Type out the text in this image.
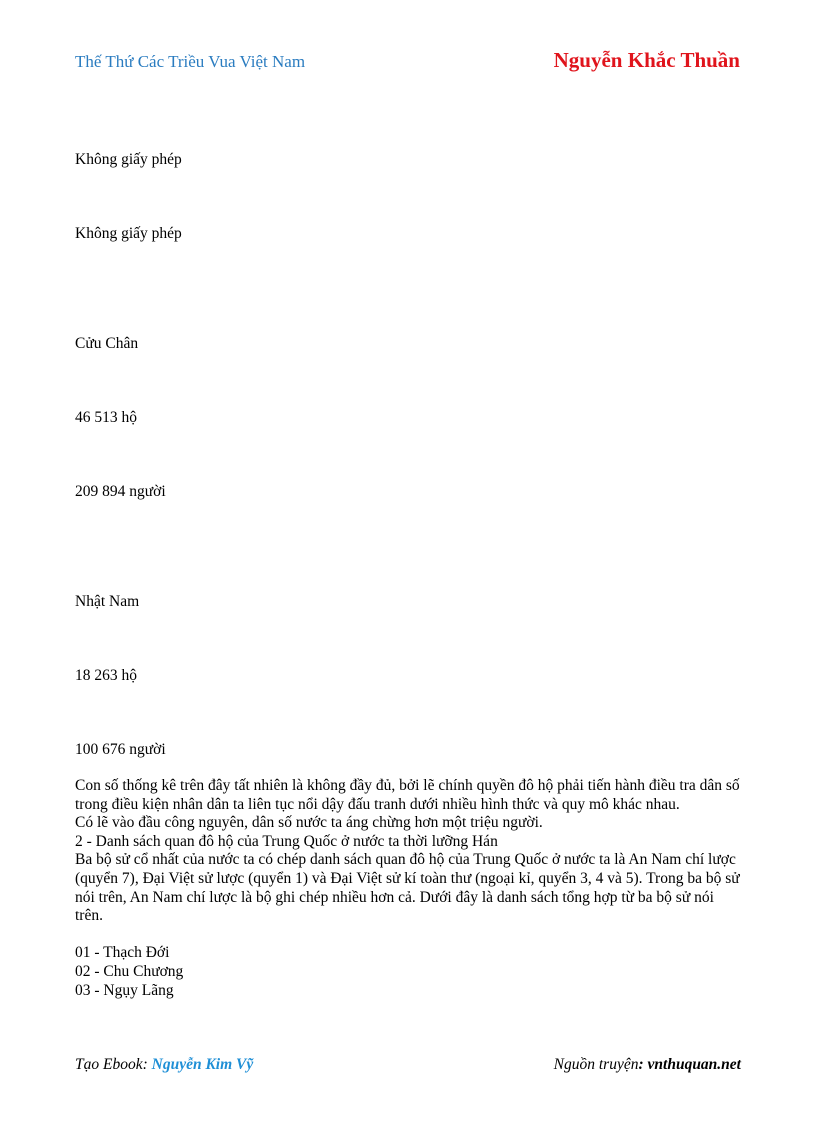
Thế Thứ Các Triều Vua Việt Nam	Nguyễn Khắc Thuần
Không giấy phép
Không giấy phép
Cửu Chân
46 513 hộ
209 894 người
Nhật Nam
18 263 hộ
100 676 người

Con số thống kê trên đây tất nhiên là không đầy đủ, bởi lẽ chính quyền đô hộ phải tiến hành điều tra dân số trong điều kiện nhân dân ta liên tục nổi dậy đấu tranh dưới nhiều hình thức và quy mô khác nhau.

Có lẽ vào đầu công nguyên, dân số nước ta áng chừng hơn một triệu người.

2 - Danh sách quan đô hộ của Trung Quốc ở nước ta thời lưỡng Hán

Ba bộ sử cổ nhất của nước ta có chép danh sách quan đô hộ của Trung Quốc ở nước ta là An Nam chí lược (quyển 7), Đại Việt sử lược (quyển 1) và Đại Việt sử kí toàn thư (ngoại kỉ, quyển 3, 4 và 5). Trong ba bộ sử nói trên, An Nam chí lược là bộ ghi chép nhiều hơn cả. Dưới đây là danh sách tổng hợp từ ba bộ sử nói trên.

01 - Thạch Đới

02 - Chu Chương

03 - Ngụy Lãng

Tạo Ebook: Nguyễn Kim Vỹ	Nguồn truyện: vnthuquan.net
